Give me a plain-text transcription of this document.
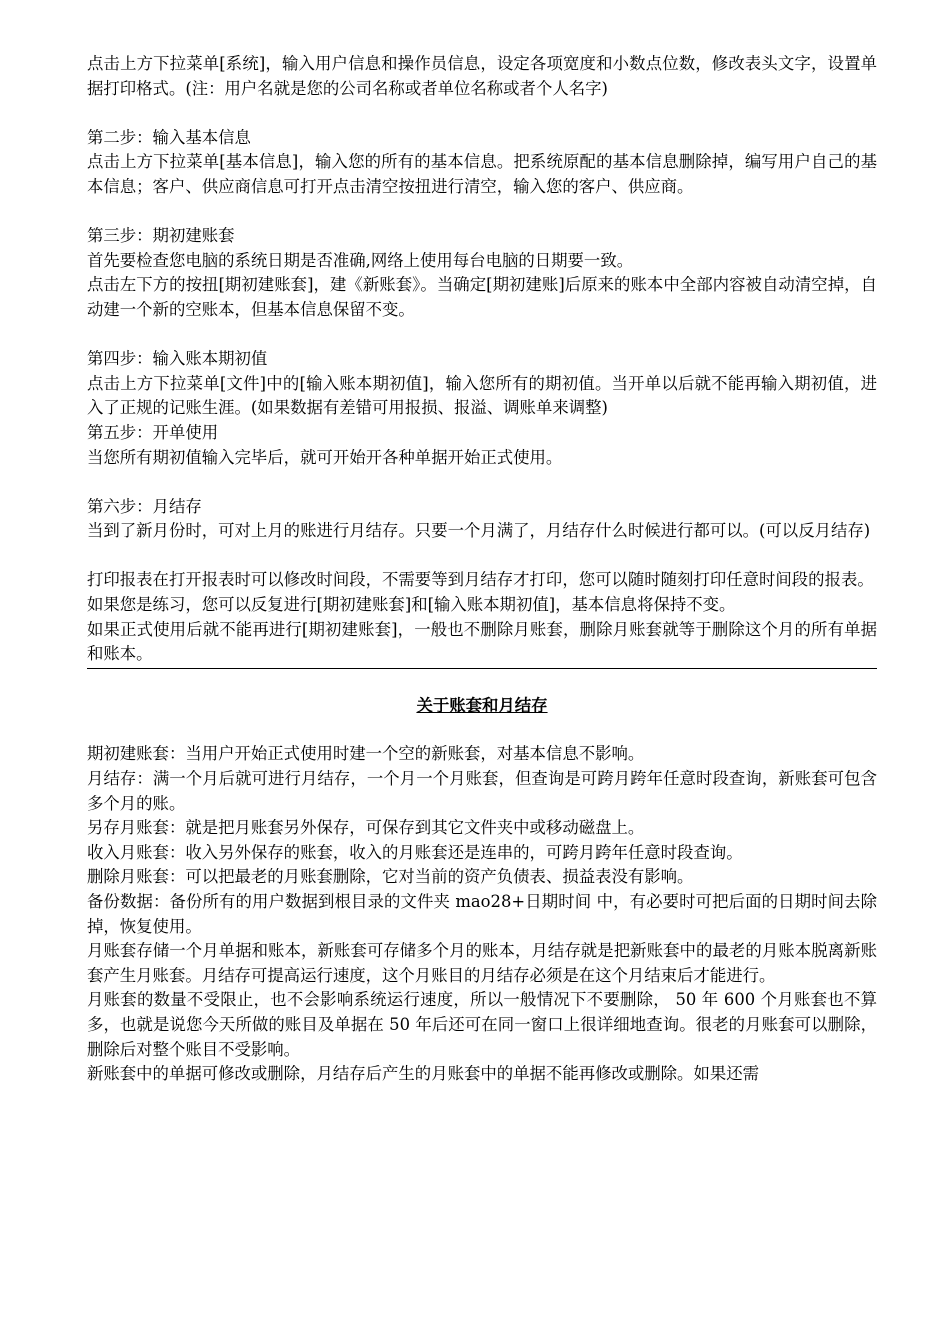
点击上方下拉菜单[系统]，输入用户信息和操作员信息，设定各项宽度和小数点位数，修改表头文字，设置单据打印格式。(注：用户名就是您的公司名称或者单位名称或者个人名字)

第二步：输入基本信息

点击上方下拉菜单[基本信息]，输入您的所有的基本信息。把系统原配的基本信息删除掉，编写用户自己的基本信息；客户、供应商信息可打开点击清空按扭进行清空，输入您的客户、供应商。

第三步：期初建账套

首先要检查您电脑的系统日期是否准确,网络上使用每台电脑的日期要一致。

点击左下方的按扭[期初建账套]，建《新账套》。当确定[期初建账]后原来的账本中全部内容被自动清空掉，自动建一个新的空账本，但基本信息保留不变。

第四步：输入账本期初值

点击上方下拉菜单[文件]中的[输入账本期初值]，输入您所有的期初值。当开单以后就不能再输入期初值，进入了正规的记账生涯。(如果数据有差错可用报损、报溢、调账单来调整)

第五步：开单使用

当您所有期初值输入完毕后，就可开始开各种单据开始正式使用。

第六步：月结存

当到了新月份时，可对上月的账进行月结存。只要一个月满了，月结存什么时候进行都可以。(可以反月结存)

打印报表在打开报表时可以修改时间段，不需要等到月结存才打印，您可以随时随刻打印任意时间段的报表。

如果您是练习，您可以反复进行[期初建账套]和[输入账本期初值]，基本信息将保持不变。

如果正式使用后就不能再进行[期初建账套]，一般也不删除月账套，删除月账套就等于删除这个月的所有单据和账本。

关于账套和月结存

期初建账套：当用户开始正式使用时建一个空的新账套，对基本信息不影响。

月结存：满一个月后就可进行月结存，一个月一个月账套，但查询是可跨月跨年任意时段查询，新账套可包含多个月的账。

另存月账套：就是把月账套另外保存，可保存到其它文件夹中或移动磁盘上。

收入月账套：收入另外保存的账套，收入的月账套还是连串的，可跨月跨年任意时段查询。

删除月账套：可以把最老的月账套删除，它对当前的资产负债表、损益表没有影响。

备份数据：备份所有的用户数据到根目录的文件夹 mao28+日期时间 中，有必要时可把后面的日期时间去除掉，恢复使用。

月账套存储一个月单据和账本，新账套可存储多个月的账本，月结存就是把新账套中的最老的月账本脱离新账套产生月账套。月结存可提高运行速度，这个月账目的月结存必须是在这个月结束后才能进行。

月账套的数量不受限止，也不会影响系统运行速度，所以一般情况下不要删除， 50 年 600 个月账套也不算多，也就是说您今天所做的账目及单据在 50 年后还可在同一窗口上很详细地查询。很老的月账套可以删除，删除后对整个账目不受影响。

新账套中的单据可修改或删除，月结存后产生的月账套中的单据不能再修改或删除。如果还需
